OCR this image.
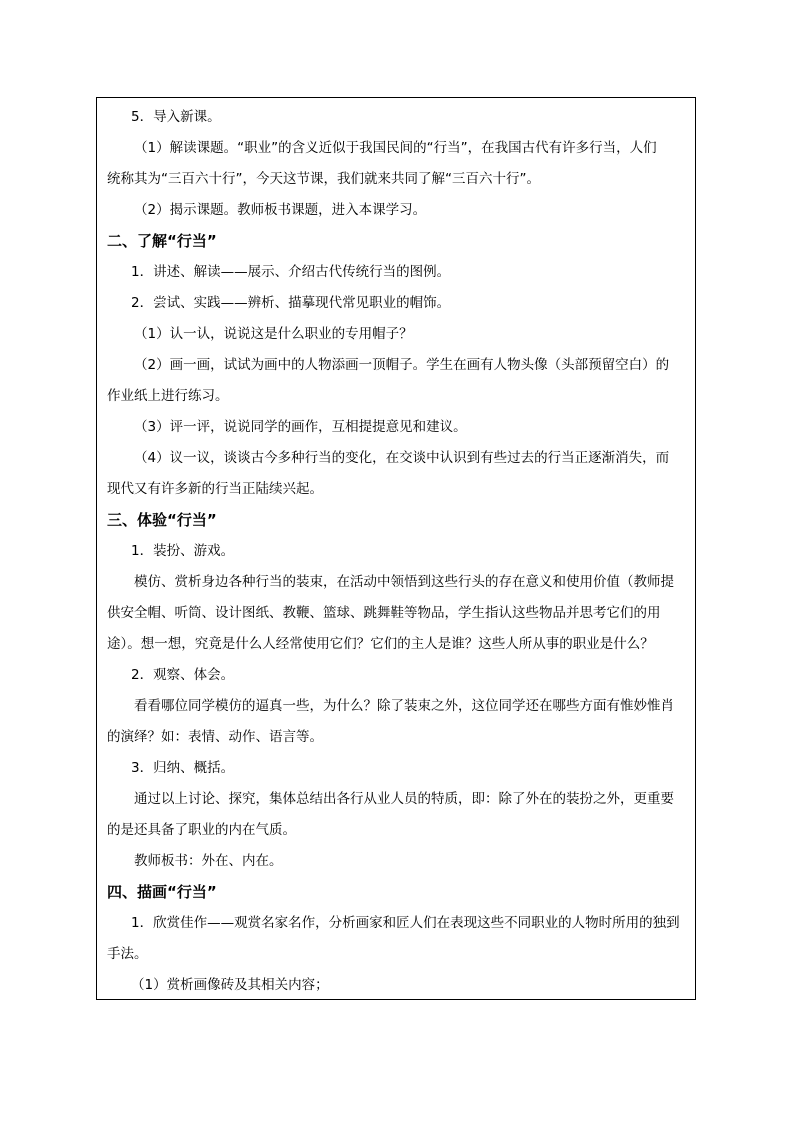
5．导入新课。
（1）解读课题。“职业”的含义近似于我国民间的“行当”，在我国古代有许多行当，人们
统称其为“三百六十行”，今天这节课，我们就来共同了解“三百六十行”。
（2）揭示课题。教师板书课题，进入本课学习。
二、了解“行当”
1．讲述、解读——展示、介绍古代传统行当的图例。
2．尝试、实践——辨析、描摹现代常见职业的帽饰。
（1）认一认，说说这是什么职业的专用帽子？
（2）画一画，试试为画中的人物添画一顶帽子。学生在画有人物头像（头部预留空白）的
作业纸上进行练习。
（3）评一评，说说同学的画作，互相提提意见和建议。
（4）议一议，谈谈古今多种行当的变化，在交谈中认识到有些过去的行当正逐渐消失，而
现代又有许多新的行当正陆续兴起。
三、体验“行当”
1．装扮、游戏。
模仿、赏析身边各种行当的装束，在活动中领悟到这些行头的存在意义和使用价值（教师提
供安全帽、听筒、设计图纸、教鞭、篮球、跳舞鞋等物品，学生指认这些物品并思考它们的用
途）。想一想，究竟是什么人经常使用它们？它们的主人是谁？这些人所从事的职业是什么？
2．观察、体会。
看看哪位同学模仿的逼真一些，为什么？除了装束之外，这位同学还在哪些方面有惟妙惟肖
的演绎？如：表情、动作、语言等。
3．归纳、概括。
通过以上讨论、探究，集体总结出各行从业人员的特质，即：除了外在的装扮之外，更重要
的是还具备了职业的内在气质。
教师板书：外在、内在。
四、描画“行当”
1．欣赏佳作——观赏名家名作，分析画家和匠人们在表现这些不同职业的人物时所用的独到
手法。
（1）赏析画像砖及其相关内容；
